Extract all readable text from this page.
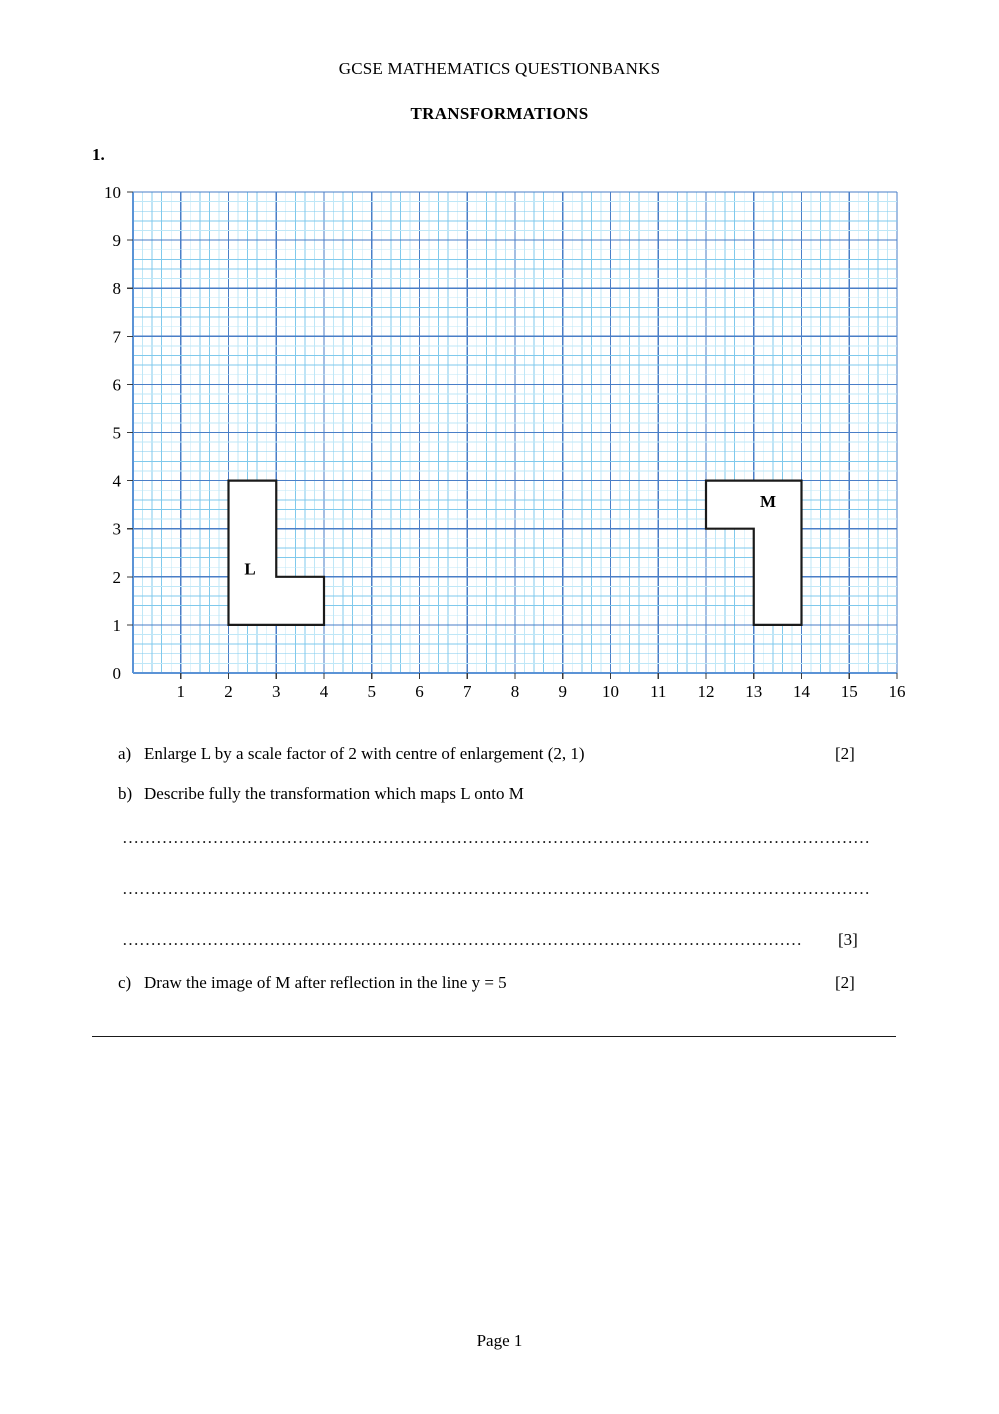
GCSE MATHEMATICS QUESTIONBANKS
TRANSFORMATIONS
1.
0
1
2
3
4
5
6
7
8
9
10
1 2 3 4 5 6 7 8 9 10 11 12 13 14 15 16
L
M
a) Enlarge L by a scale factor of 2 with centre of enlargement (2, 1)	[2]
b) Describe fully the transformation which maps L onto M
……………………………………………………………………………………………………………………
……………………………………………………………………………………………………………………
…………………………………………………………………………………………………………	[3]
c) Draw the image of M after reflection in the line y = 5	[2]
Page 1
